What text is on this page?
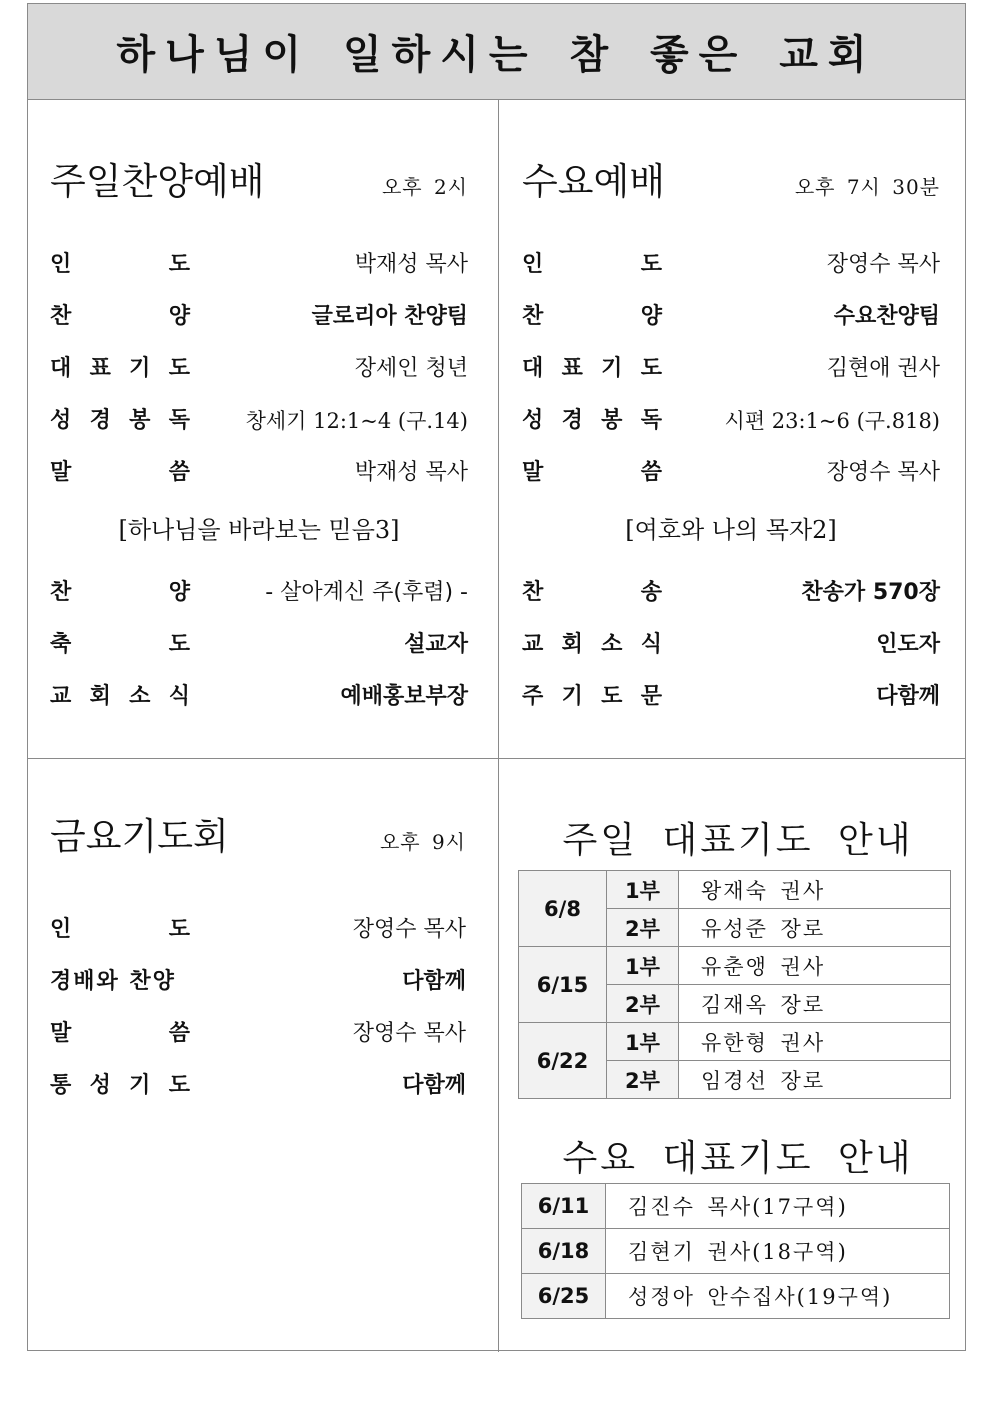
하나님이 일하시는 참 좋은 교회
주일찬양예배	오후 2시
인	도	박재성 목사
찬	양	글로리아 찬양팀
대 표 기 도	장세인 청년
성 경 봉 독	창세기 12:1~4 (구.14)
말	씀	박재성 목사
[하나님을 바라보는 믿음3]
찬	양	- 살아계신 주(후렴) -
축	도	설교자
교 회 소 식	예배홍보부장
수요예배	오후 7시 30분
인	도	장영수 목사
찬	양	수요찬양팀
대 표 기 도	김현애 권사
성 경 봉 독	시편 23:1~6 (구.818)
말	씀	장영수 목사
[여호와 나의 목자2]
찬	송	찬송가 570장
교 회 소 식	인도자
주 기 도 문	다함께
금요기도회	오후 9시
인	도	장영수 목사
경배와 찬양	다함께
말	씀	장영수 목사
통 성 기 도	다함께
주일 대표기도 안내
6/8	1부	왕재숙 권사
	2부	유성준 장로
6/15	1부	유춘앵 권사
	2부	김재옥 장로
6/22	1부	유한형 권사
	2부	임경선 장로
수요 대표기도 안내
6/11	김진수 목사(17구역)
6/18	김현기 권사(18구역)
6/25	성정아 안수집사(19구역)
